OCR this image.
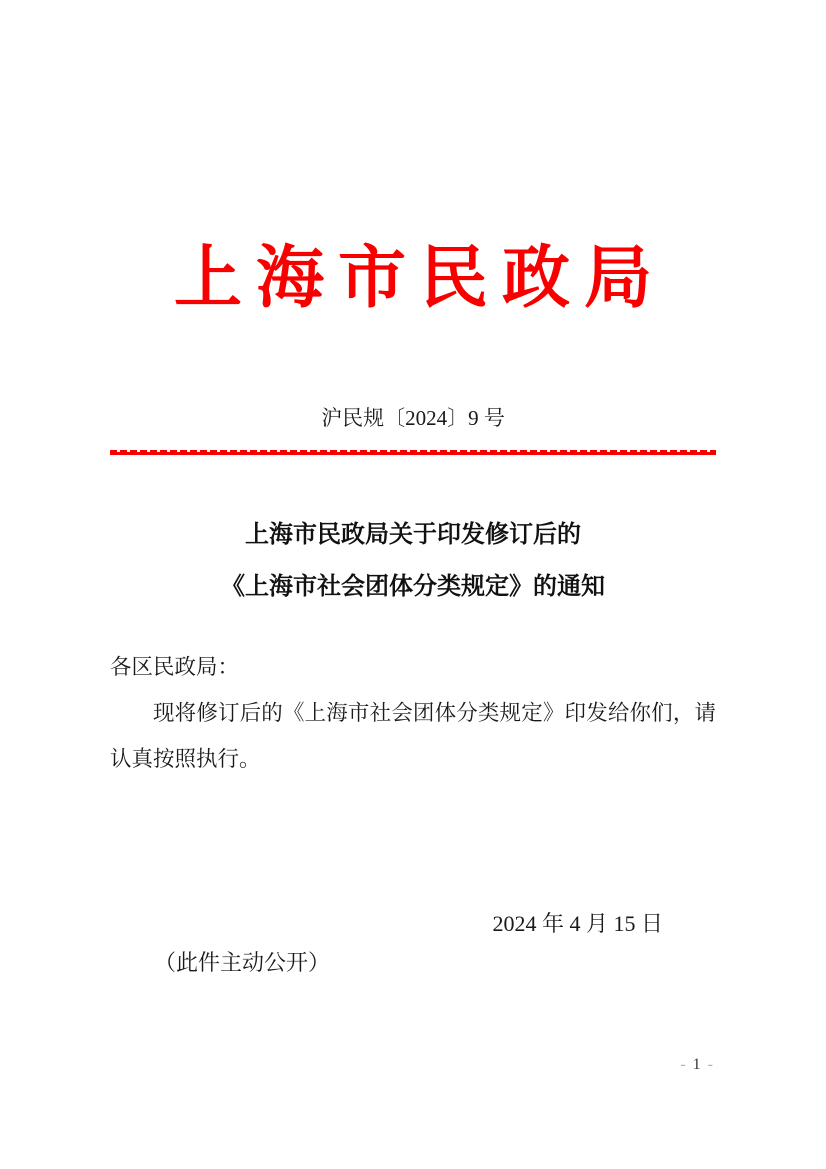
上海市民政局
沪民规〔2024〕9 号
上海市民政局关于印发修订后的
《上海市社会团体分类规定》的通知
各区民政局：
现将修订后的《上海市社会团体分类规定》印发给你们，请认真按照执行。
2024 年 4 月 15 日
（此件主动公开）
- 1 -
